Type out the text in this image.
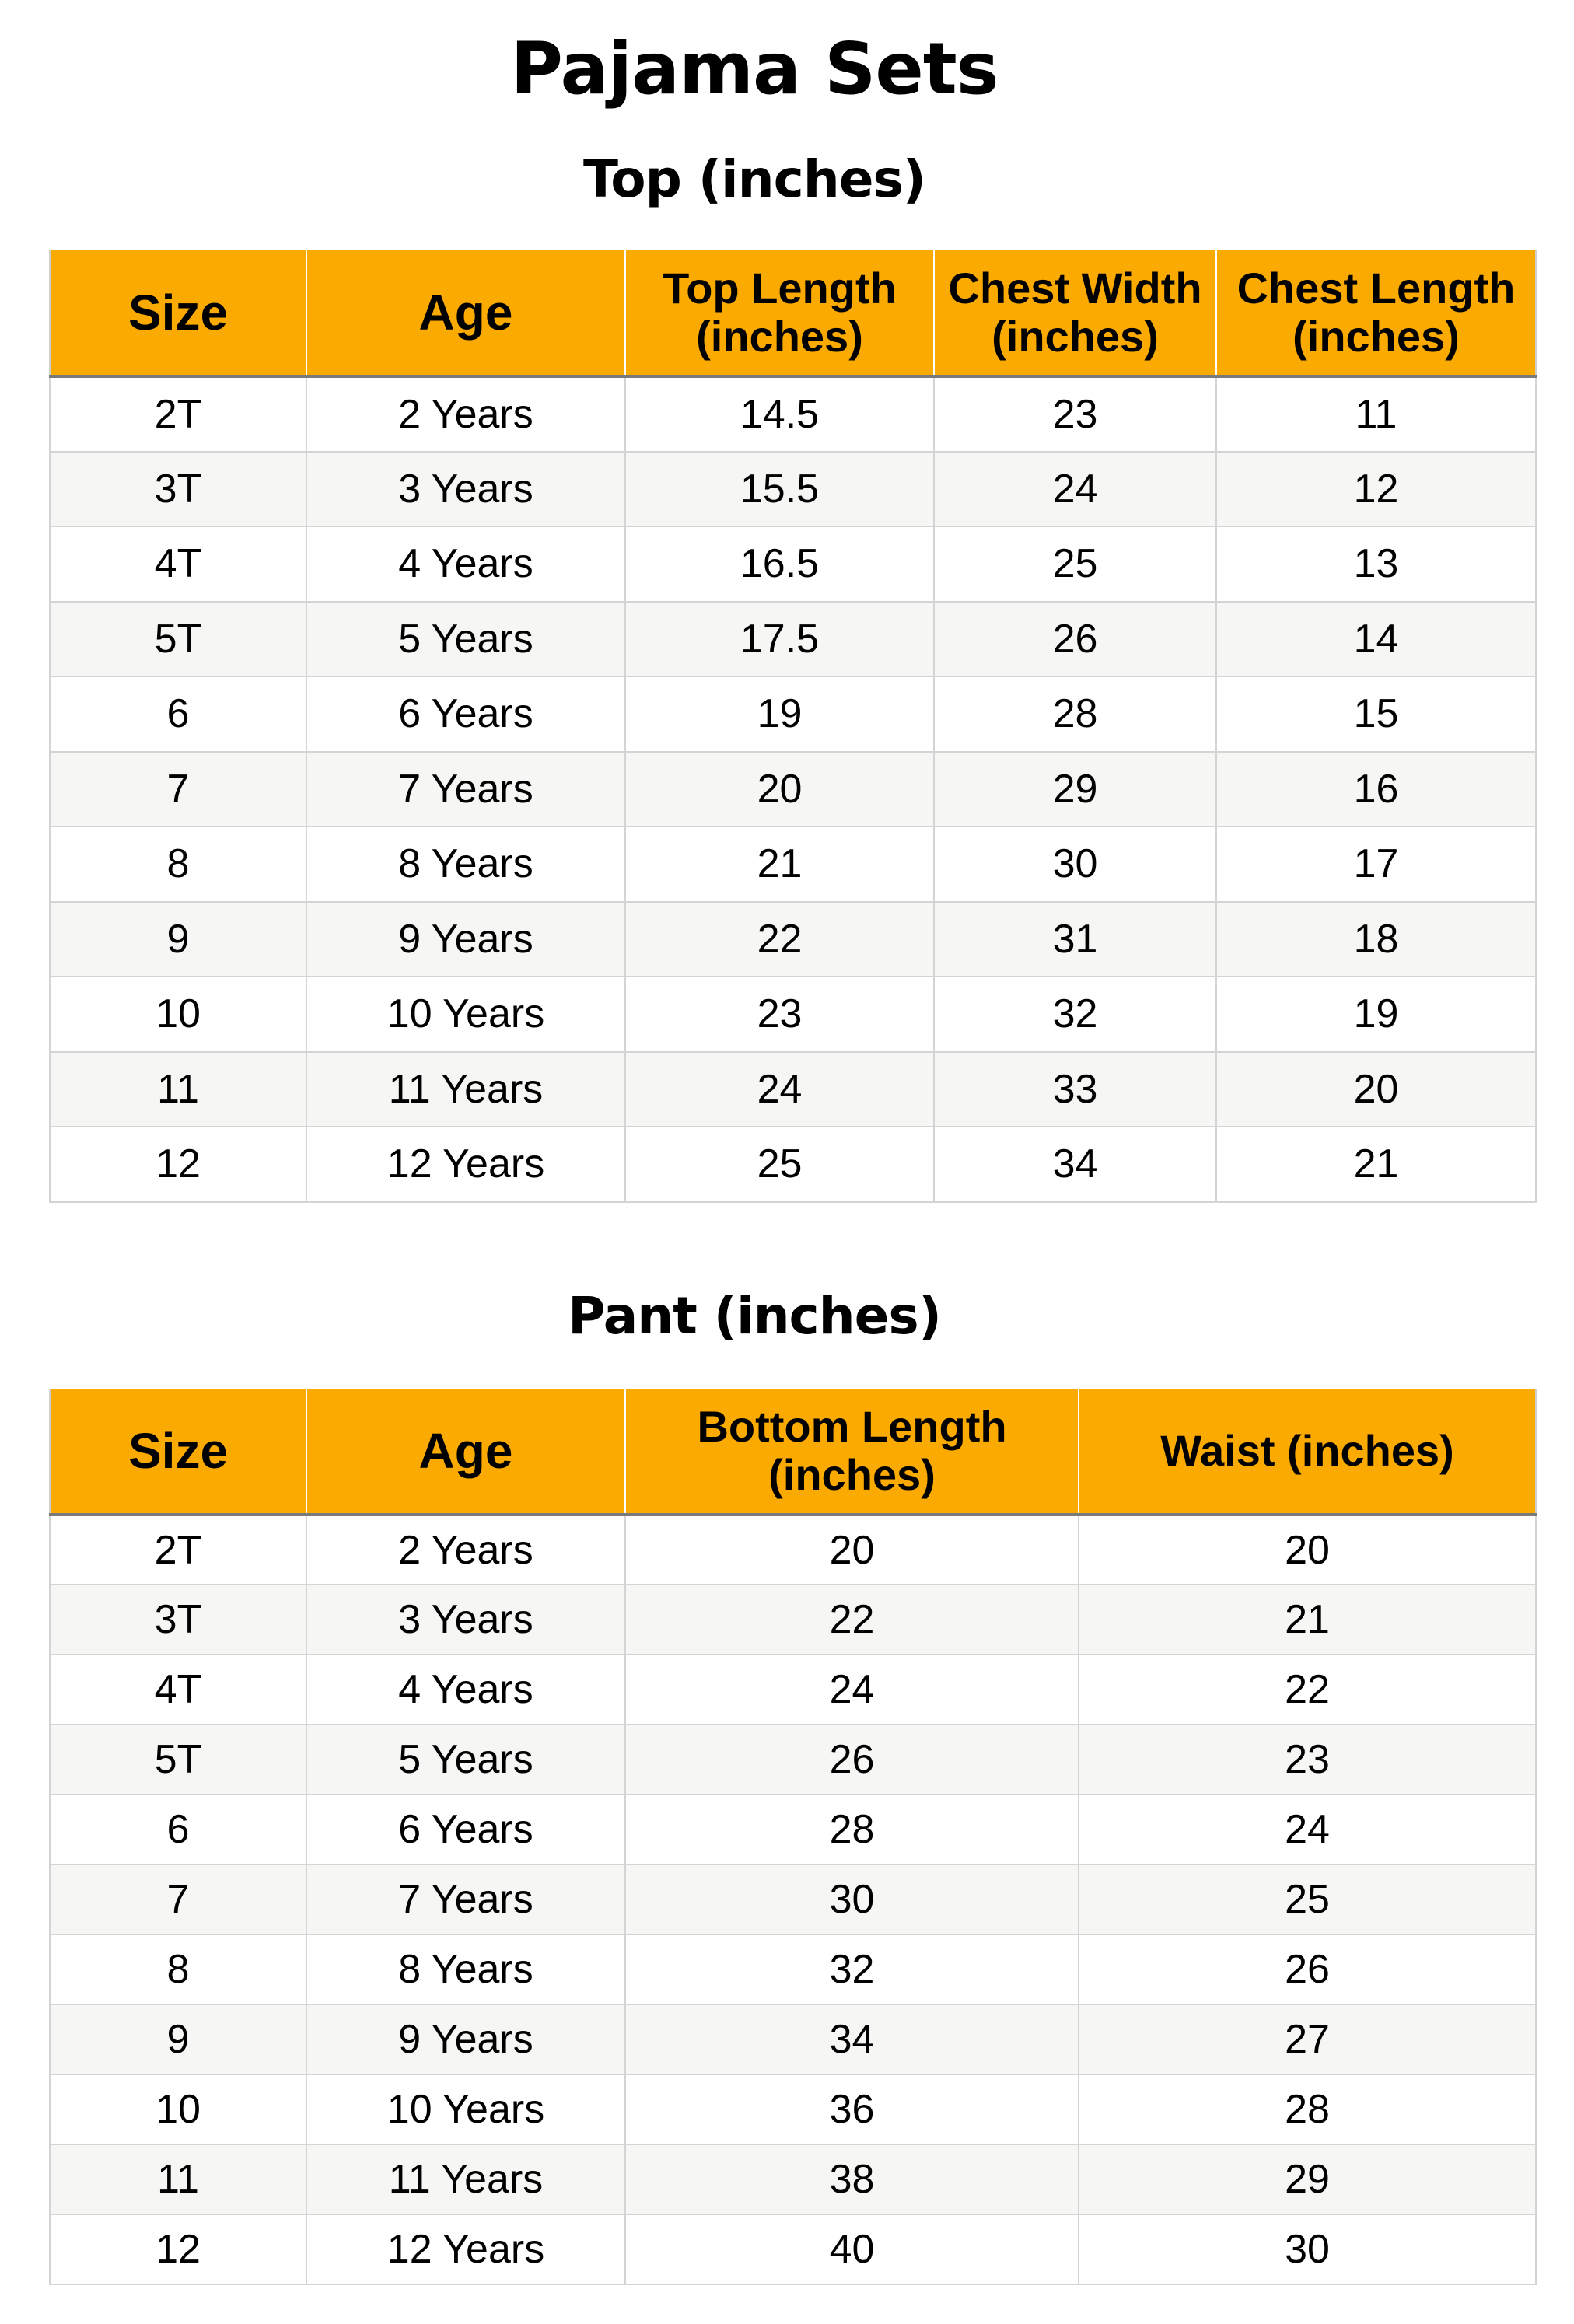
Pajama Sets
Top (inches)
Size	Age	Top Length (inches)	Chest Width (inches)	Chest Length (inches)
2T	2 Years	14.5	23	11
3T	3 Years	15.5	24	12
4T	4 Years	16.5	25	13
5T	5 Years	17.5	26	14
6	6 Years	19	28	15
7	7 Years	20	29	16
8	8 Years	21	30	17
9	9 Years	22	31	18
10	10 Years	23	32	19
11	11 Years	24	33	20
12	12 Years	25	34	21
Pant (inches)
Size	Age	Bottom Length (inches)	Waist (inches)
2T	2 Years	20	20
3T	3 Years	22	21
4T	4 Years	24	22
5T	5 Years	26	23
6	6 Years	28	24
7	7 Years	30	25
8	8 Years	32	26
9	9 Years	34	27
10	10 Years	36	28
11	11 Years	38	29
12	12 Years	40	30
